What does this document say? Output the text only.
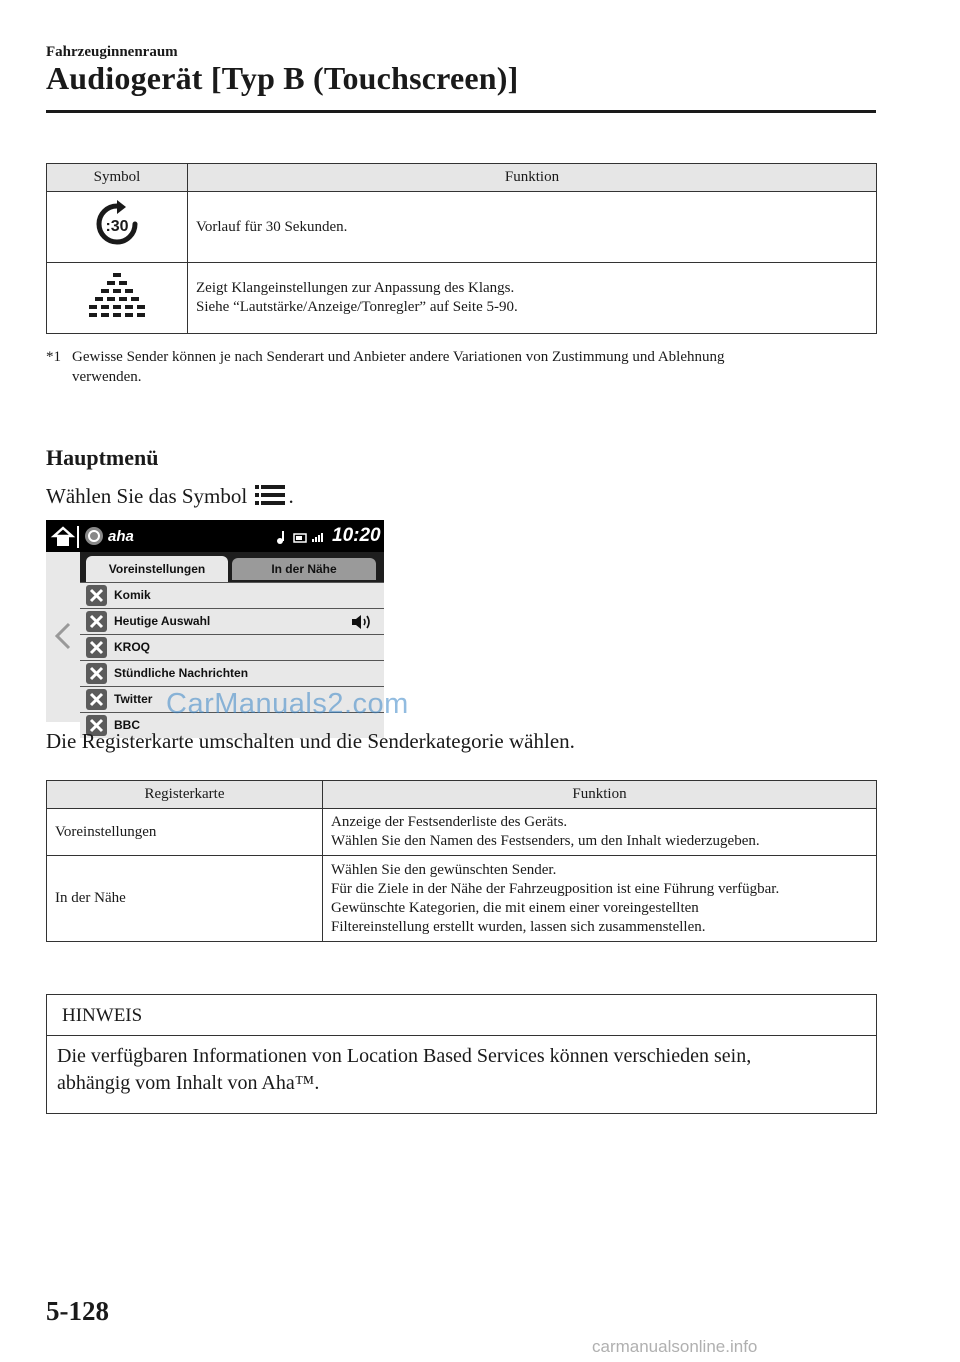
Fahrzeuginnenraum
Audiogerät [Typ B (Touchscreen)]
Symbol	Funktion

:30	Vorlauf für 30 Sekunden.

Zeigt Klangeinstellungen zur Anpassung des Klangs.
Siehe “Lautstärke/Anzeige/Tonregler” auf Seite 5-90.
*1 Gewisse Sender können je nach Senderart und Anbieter andere Variationen von Zustimmung und Ablehnung
verwenden.
Hauptmenü
Wählen Sie das Symbol .
aha	10:20
Voreinstellungen	In der Nähe
Komik
Heutige Auswahl
KROQ
Stündliche Nachrichten
Twitter
BBC
CarManuals2.com
Die Registerkarte umschalten und die Senderkategorie wählen.
Registerkarte	Funktion
Voreinstellungen	Anzeige der Festsenderliste des Geräts.
Wählen Sie den Namen des Festsenders, um den Inhalt wiederzugeben.

In der Nähe	Wählen Sie den gewünschten Sender.
Für die Ziele in der Nähe der Fahrzeugposition ist eine Führung verfügbar.
Gewünschte Kategorien, die mit einem einer voreingestellten
Filtereinstellung erstellt wurden, lassen sich zusammenstellen.
HINWEIS
Die verfügbaren Informationen von Location Based Services können verschieden sein,
abhängig vom Inhalt von Aha™.
5-128
carmanualsonline.info
